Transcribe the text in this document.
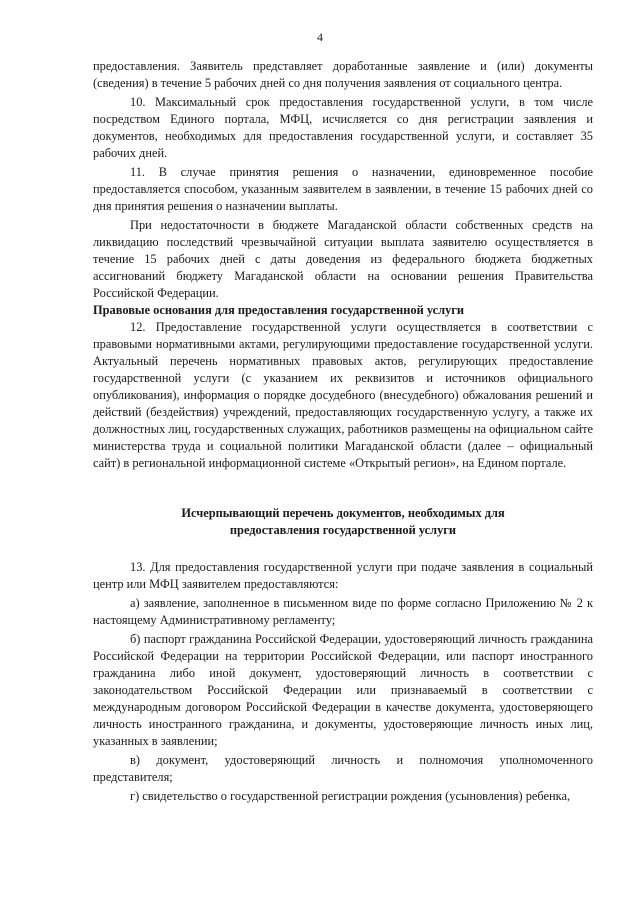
4

предоставления. Заявитель представляет доработанные заявление и (или) документы (сведения) в течение 5 рабочих дней со дня получения заявления от социального центра.

10. Максимальный срок предоставления государственной услуги, в том числе посредством Единого портала, МФЦ, исчисляется со дня регистрации заявления и документов, необходимых для предоставления государственной услуги, и составляет 35 рабочих дней.

11. В случае принятия решения о назначении, единовременное пособие предоставляется способом, указанным заявителем в заявлении, в течение 15 рабочих дней со дня принятия решения о назначении выплаты.

При недостаточности в бюджете Магаданской области собственных средств на ликвидацию последствий чрезвычайной ситуации выплата заявителю осуществляется в течение 15 рабочих дней с даты доведения из федерального бюджета бюджетных ассигнований бюджету Магаданской области на основании решения Правительства Российской Федерации.

Правовые основания для предоставления государственной услуги

12. Предоставление государственной услуги осуществляется в соответствии с правовыми нормативными актами, регулирующими предоставление государственной услуги. Актуальный перечень нормативных правовых актов, регулирующих предоставление государственной услуги (с указанием их реквизитов и источников официального опубликования), информация о порядке досудебного (внесудебного) обжалования решений и действий (бездействия) учреждений, предоставляющих государственную услугу, а также их должностных лиц, государственных служащих, работников размещены на официальном сайте министерства труда и социальной политики Магаданской области (далее – официальный сайт) в региональной информационной системе «Открытый регион», на Едином портале.

Исчерпывающий перечень документов, необходимых для
предоставления государственной услуги

13. Для предоставления государственной услуги при подаче заявления в социальный центр или МФЦ заявителем предоставляются:

а) заявление, заполненное в письменном виде по форме согласно Приложению № 2 к настоящему Административному регламенту;

б) паспорт гражданина Российской Федерации, удостоверяющий личность гражданина Российской Федерации на территории Российской Федерации, или паспорт иностранного гражданина либо иной документ, удостоверяющий личность в соответствии с законодательством Российской Федерации или признаваемый в соответствии с международным договором Российской Федерации в качестве документа, удостоверяющего личность иностранного гражданина, и документы, удостоверяющие личность иных лиц, указанных в заявлении;

в) документ, удостоверяющий личность и полномочия уполномоченного представителя;

г) свидетельство о государственной регистрации рождения (усыновления) ребенка,
